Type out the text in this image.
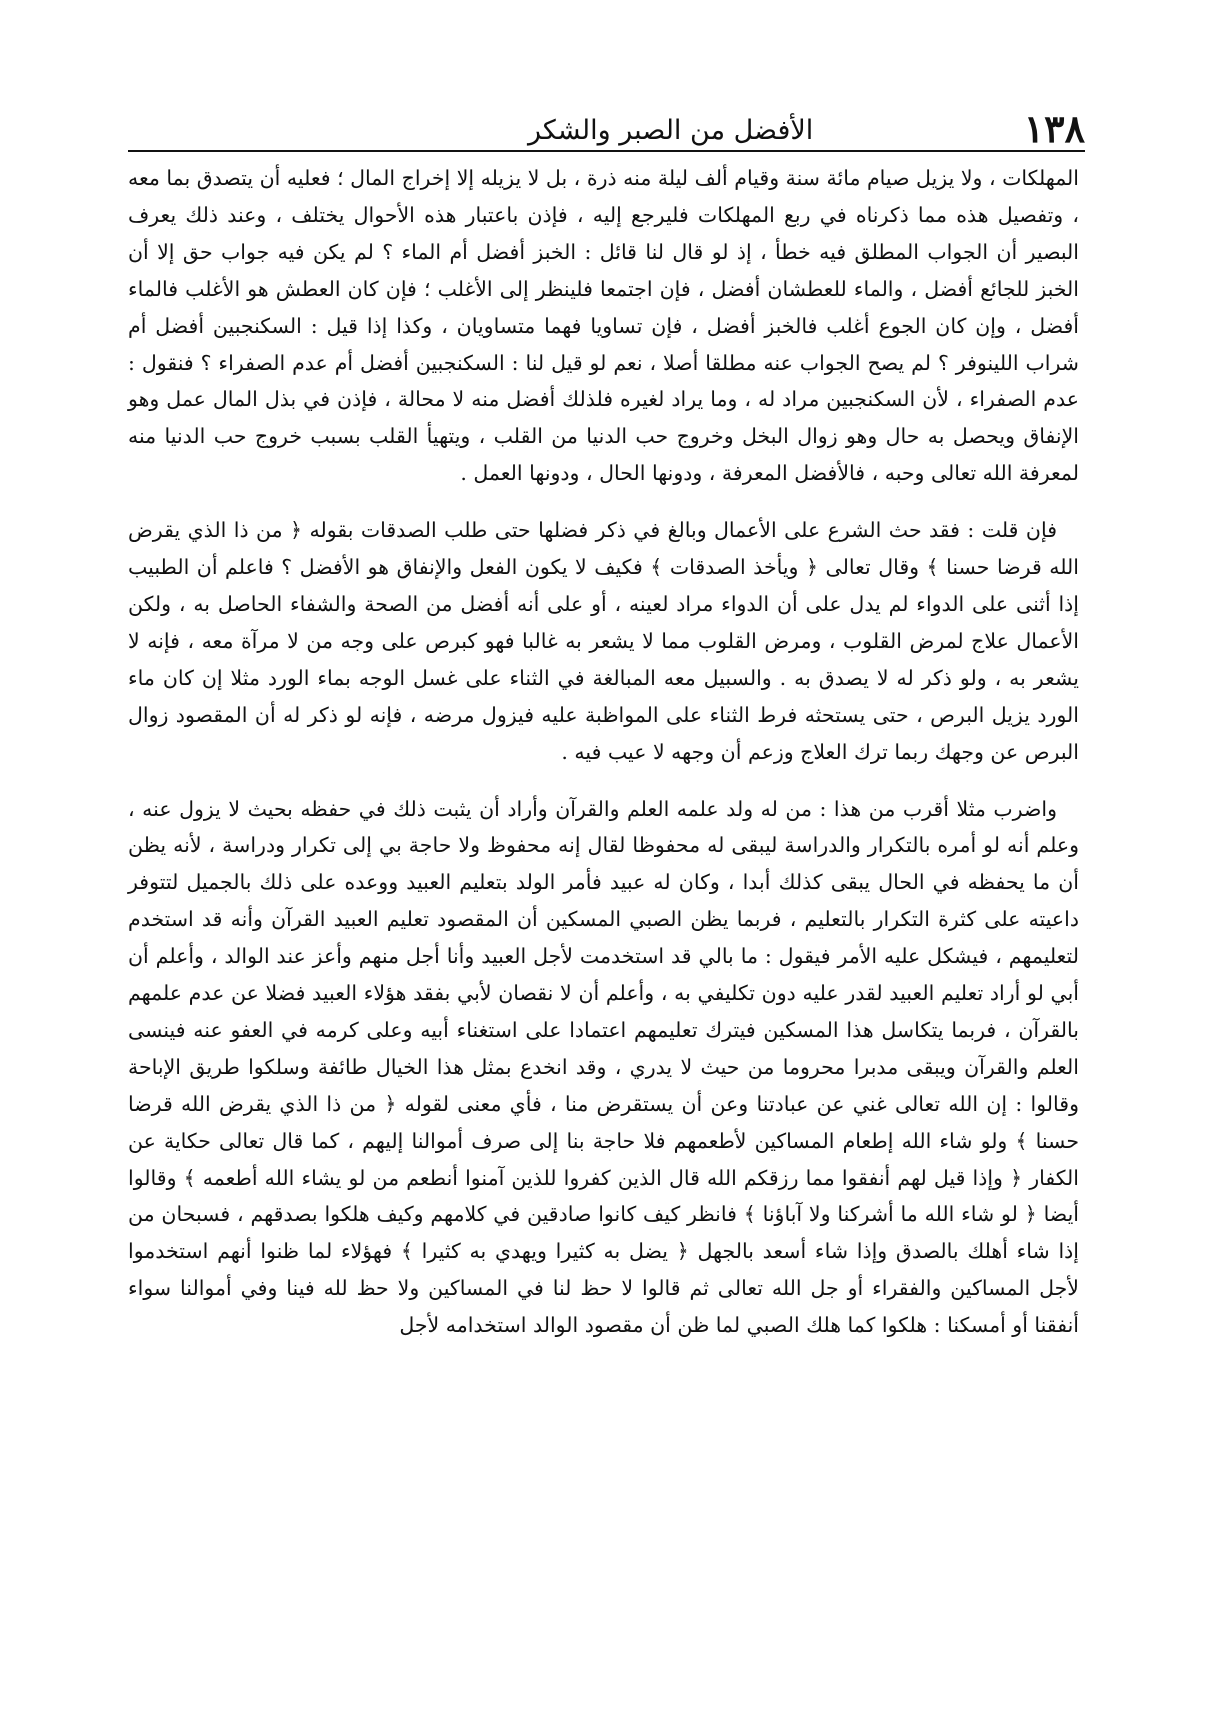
١٣٨
الأفضل من الصبر والشكر

المهلكات ، ولا يزيل صيام مائة سنة وقيام ألف ليلة منه ذرة ، بل لا يزيله إلا إخراج المال ؛ فعليه أن يتصدق بما معه ، وتفصيل هذه مما ذكرناه في ربع المهلكات فليرجع إليه ، فإذن باعتبار هذه الأحوال يختلف ، وعند ذلك يعرف البصير أن الجواب المطلق فيه خطأ ، إذ لو قال لنا قائل : الخبز أفضل أم الماء ؟ لم يكن فيه جواب حق إلا أن الخبز للجائع أفضل ، والماء للعطشان أفضل ، فإن اجتمعا فلينظر إلى الأغلب ؛ فإن كان العطش هو الأغلب فالماء أفضل ، وإن كان الجوع أغلب فالخبز أفضل ، فإن تساويا فهما متساويان ، وكذا إذا قيل : السكنجبين أفضل أم شراب اللينوفر ؟ لم يصح الجواب عنه مطلقا أصلا ، نعم لو قيل لنا : السكنجبين أفضل أم عدم الصفراء ؟ فنقول : عدم الصفراء ، لأن السكنجبين مراد له ، وما يراد لغيره فلذلك أفضل منه لا محالة ، فإذن في بذل المال عمل وهو الإنفاق ويحصل به حال وهو زوال البخل وخروج حب الدنيا من القلب ، ويتهيأ القلب بسبب خروج حب الدنيا منه لمعرفة الله تعالى وحبه ، فالأفضل المعرفة ، ودونها الحال ، ودونها العمل .

فإن قلت : فقد حث الشرع على الأعمال وبالغ في ذكر فضلها حتى طلب الصدقات بقوله ﴿ من ذا الذي يقرض الله قرضا حسنا ﴾ وقال تعالى ﴿ ويأخذ الصدقات ﴾ فكيف لا يكون الفعل والإنفاق هو الأفضل ؟ فاعلم أن الطبيب إذا أثنى على الدواء لم يدل على أن الدواء مراد لعينه ، أو على أنه أفضل من الصحة والشفاء الحاصل به ، ولكن الأعمال علاج لمرض القلوب ، ومرض القلوب مما لا يشعر به غالبا فهو كبرص على وجه من لا مرآة معه ، فإنه لا يشعر به ، ولو ذكر له لا يصدق به . والسبيل معه المبالغة في الثناء على غسل الوجه بماء الورد مثلا إن كان ماء الورد يزيل البرص ، حتى يستحثه فرط الثناء على المواظبة عليه فيزول مرضه ، فإنه لو ذكر له أن المقصود زوال البرص عن وجهك ربما ترك العلاج وزعم أن وجهه لا عيب فيه .

واضرب مثلا أقرب من هذا : من له ولد علمه العلم والقرآن وأراد أن يثبت ذلك في حفظه بحيث لا يزول عنه ، وعلم أنه لو أمره بالتكرار والدراسة ليبقى له محفوظا لقال إنه محفوظ ولا حاجة بي إلى تكرار ودراسة ، لأنه يظن أن ما يحفظه في الحال يبقى كذلك أبدا ، وكان له عبيد فأمر الولد بتعليم العبيد ووعده على ذلك بالجميل لتتوفر داعيته على كثرة التكرار بالتعليم ، فربما يظن الصبي المسكين أن المقصود تعليم العبيد القرآن وأنه قد استخدم لتعليمهم ، فيشكل عليه الأمر فيقول : ما بالي قد استخدمت لأجل العبيد وأنا أجل منهم وأعز عند الوالد ، وأعلم أن أبي لو أراد تعليم العبيد لقدر عليه دون تكليفي به ، وأعلم أن لا نقصان لأبي بفقد هؤلاء العبيد فضلا عن عدم علمهم بالقرآن ، فربما يتكاسل هذا المسكين فيترك تعليمهم اعتمادا على استغناء أبيه وعلى كرمه في العفو عنه فينسى العلم والقرآن ويبقى مدبرا محروما من حيث لا يدري ، وقد انخدع بمثل هذا الخيال طائفة وسلكوا طريق الإباحة وقالوا : إن الله تعالى غني عن عبادتنا وعن أن يستقرض منا ، فأي معنى لقوله ﴿ من ذا الذي يقرض الله قرضا حسنا ﴾ ولو شاء الله إطعام المساكين لأطعمهم فلا حاجة بنا إلى صرف أموالنا إليهم ، كما قال تعالى حكاية عن الكفار ﴿ وإذا قيل لهم أنفقوا مما رزقكم الله قال الذين كفروا للذين آمنوا أنطعم من لو يشاء الله أطعمه ﴾ وقالوا أيضا ﴿ لو شاء الله ما أشركنا ولا آباؤنا ﴾ فانظر كيف كانوا صادقين في كلامهم وكيف هلكوا بصدقهم ، فسبحان من إذا شاء أهلك بالصدق وإذا شاء أسعد بالجهل ﴿ يضل به كثيرا ويهدي به كثيرا ﴾ فهؤلاء لما ظنوا أنهم استخدموا لأجل المساكين والفقراء أو جل الله تعالى ثم قالوا لا حظ لنا في المساكين ولا حظ لله فينا وفي أموالنا سواء أنفقنا أو أمسكنا : هلكوا كما هلك الصبي لما ظن أن مقصود الوالد استخدامه لأجل
